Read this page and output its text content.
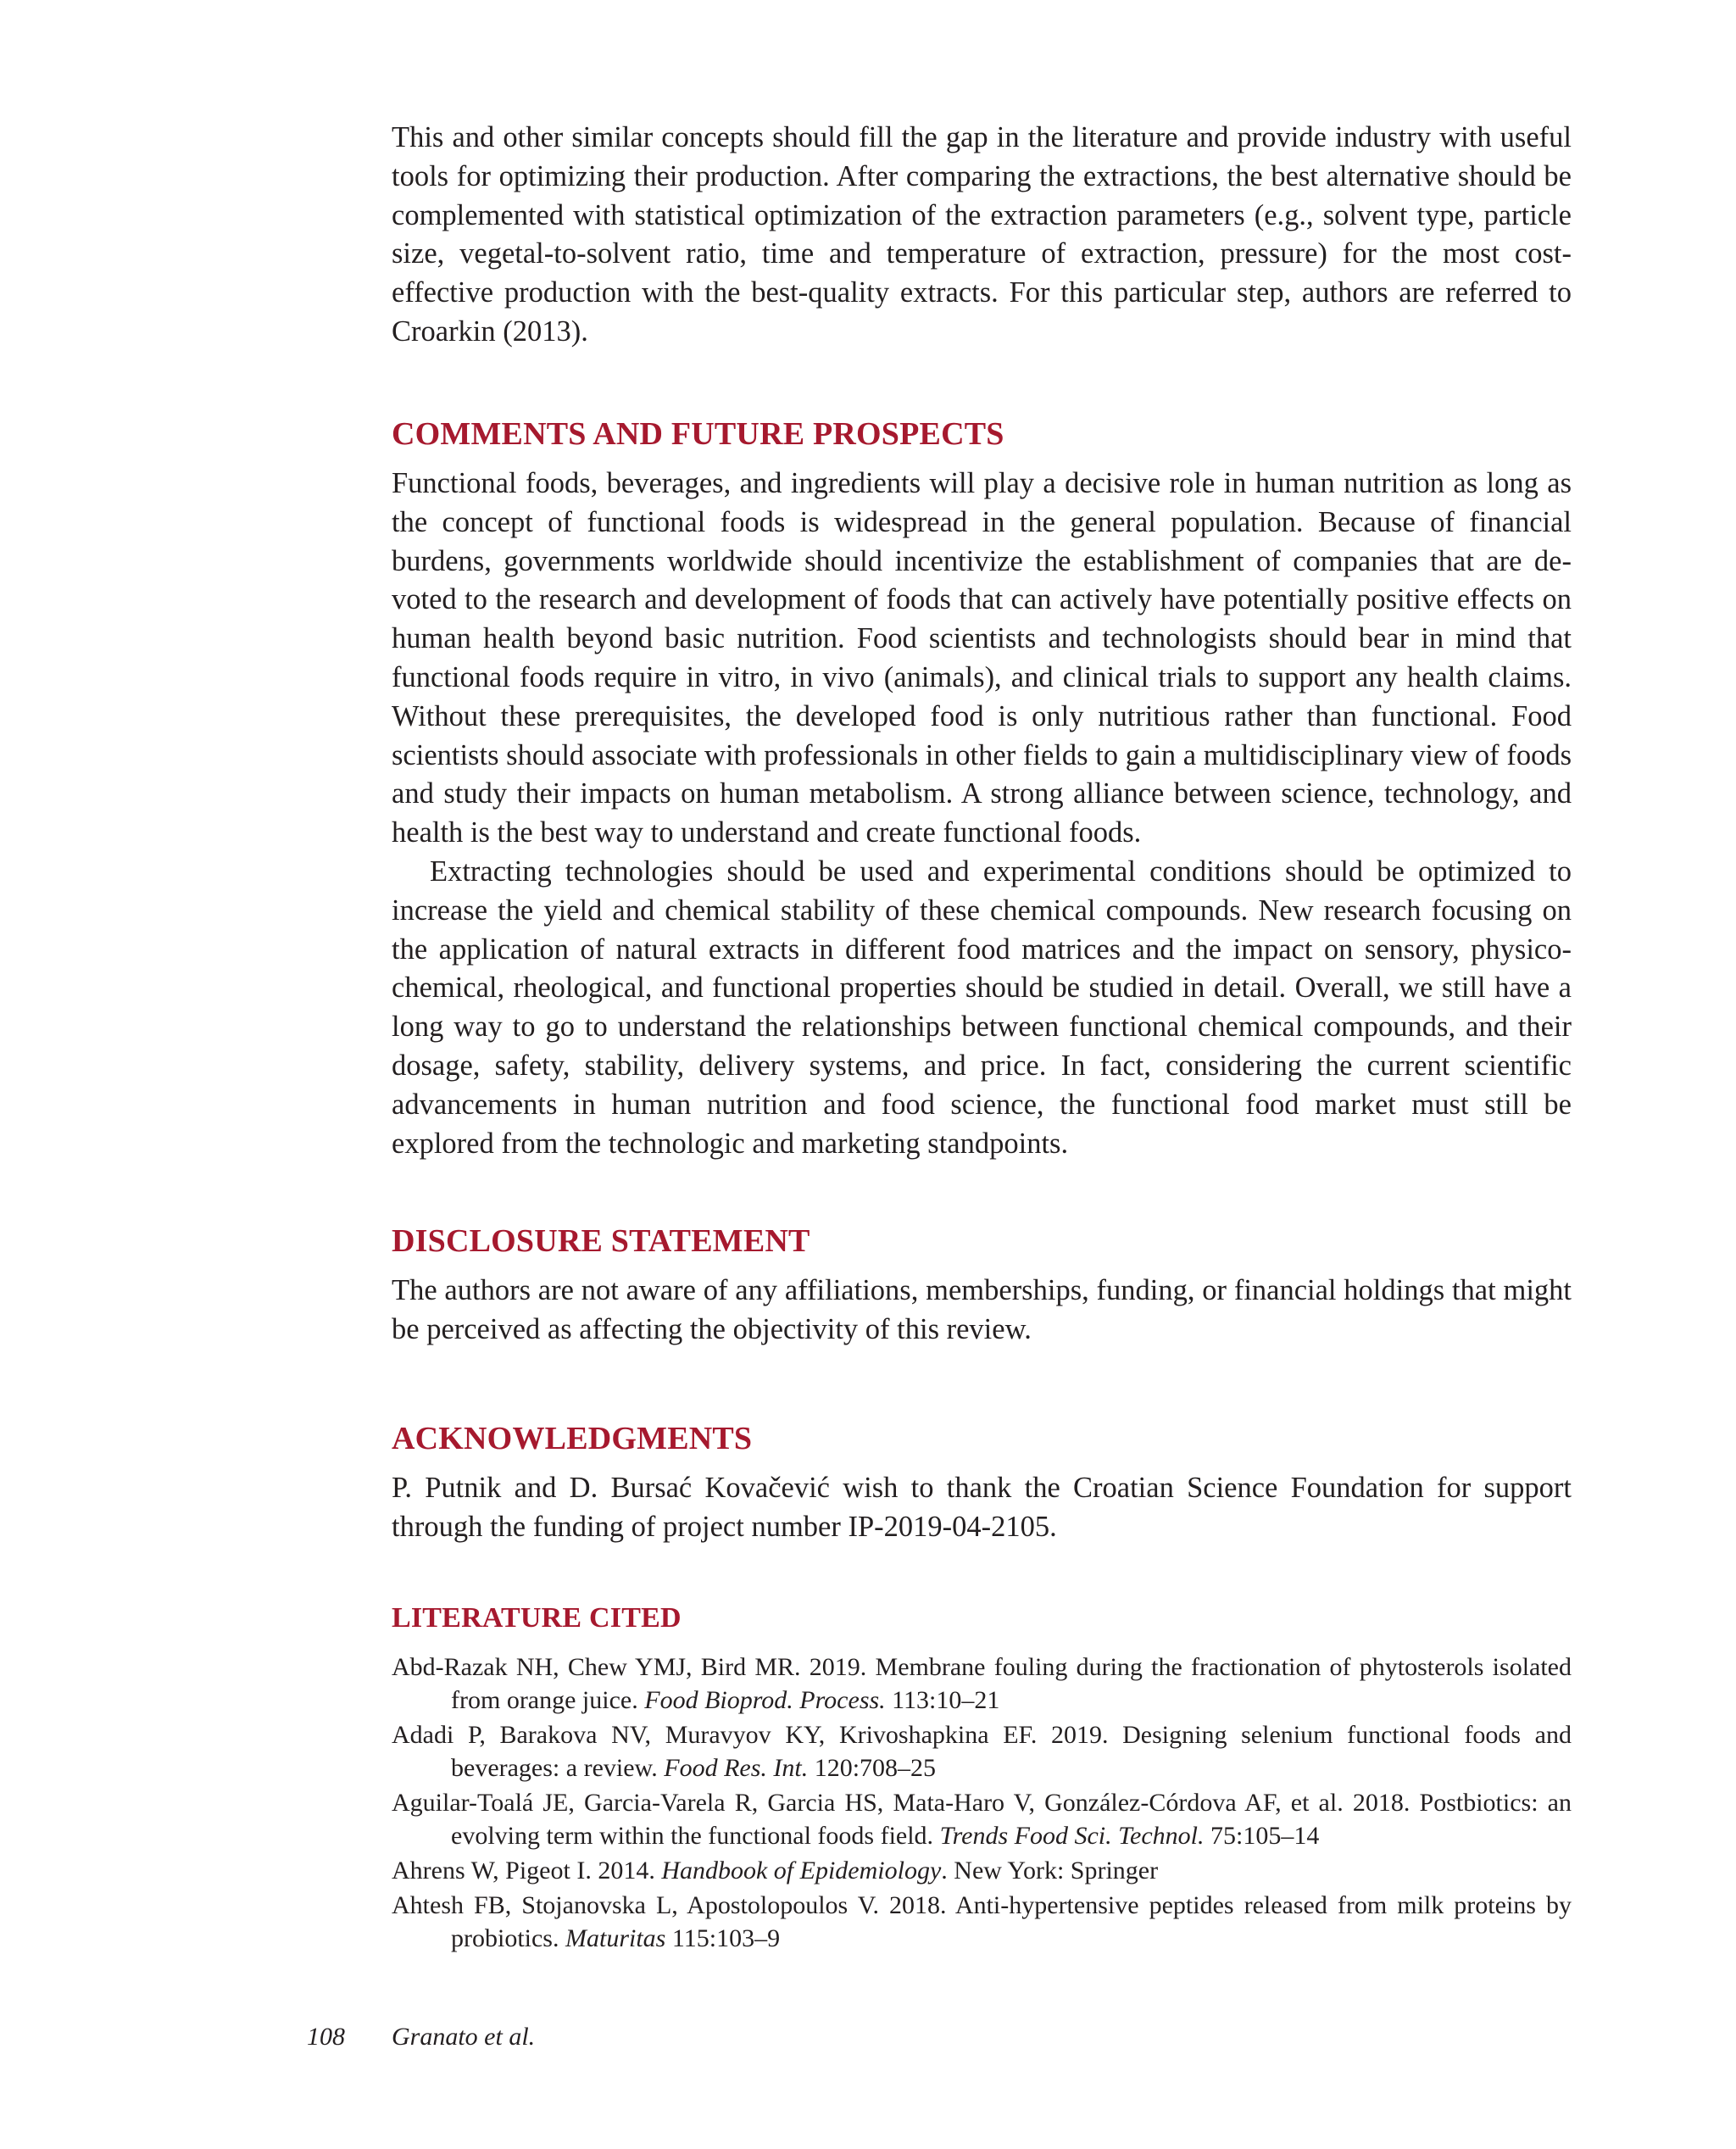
This and other similar concepts should fill the gap in the literature and provide industry with useful tools for optimizing their production. After comparing the extractions, the best alternative should be complemented with statistical optimization of the extraction parameters (e.g., solvent type, particle size, vegetal-to-solvent ratio, time and temperature of extraction, pressure) for the most cost-effective production with the best-quality extracts. For this particular step, authors are referred to Croarkin (2013).

COMMENTS AND FUTURE PROSPECTS

Functional foods, beverages, and ingredients will play a decisive role in human nutrition as long as the concept of functional foods is widespread in the general population. Because of financial burdens, governments worldwide should incentivize the establishment of companies that are devoted to the research and development of foods that can actively have potentially positive effects on human health beyond basic nutrition. Food scientists and technologists should bear in mind that functional foods require in vitro, in vivo (animals), and clinical trials to support any health claims. Without these prerequisites, the developed food is only nutritious rather than functional. Food scientists should associate with professionals in other fields to gain a multidisciplinary view of foods and study their impacts on human metabolism. A strong alliance between science, technology, and health is the best way to understand and create functional foods.

Extracting technologies should be used and experimental conditions should be optimized to increase the yield and chemical stability of these chemical compounds. New research focusing on the application of natural extracts in different food matrices and the impact on sensory, physicochemical, rheological, and functional properties should be studied in detail. Overall, we still have a long way to go to understand the relationships between functional chemical compounds, and their dosage, safety, stability, delivery systems, and price. In fact, considering the current scientific advancements in human nutrition and food science, the functional food market must still be explored from the technologic and marketing standpoints.

DISCLOSURE STATEMENT

The authors are not aware of any affiliations, memberships, funding, or financial holdings that might be perceived as affecting the objectivity of this review.

ACKNOWLEDGMENTS

P. Putnik and D. Bursać Kovačević wish to thank the Croatian Science Foundation for support through the funding of project number IP-2019-04-2105.

LITERATURE CITED
Abd-Razak NH, Chew YMJ, Bird MR. 2019. Membrane fouling during the fractionation of phytosterols isolated from orange juice. Food Bioprod. Process. 113:10–21
Adadi P, Barakova NV, Muravyov KY, Krivoshapkina EF. 2019. Designing selenium functional foods and beverages: a review. Food Res. Int. 120:708–25
Aguilar-Toalá JE, Garcia-Varela R, Garcia HS, Mata-Haro V, González-Córdova AF, et al. 2018. Postbiotics: an evolving term within the functional foods field. Trends Food Sci. Technol. 75:105–14
Ahrens W, Pigeot I. 2014. Handbook of Epidemiology. New York: Springer
Ahtesh FB, Stojanovska L, Apostolopoulos V. 2018. Anti-hypertensive peptides released from milk proteins by probiotics. Maturitas 115:103–9
108 Granato et al.
